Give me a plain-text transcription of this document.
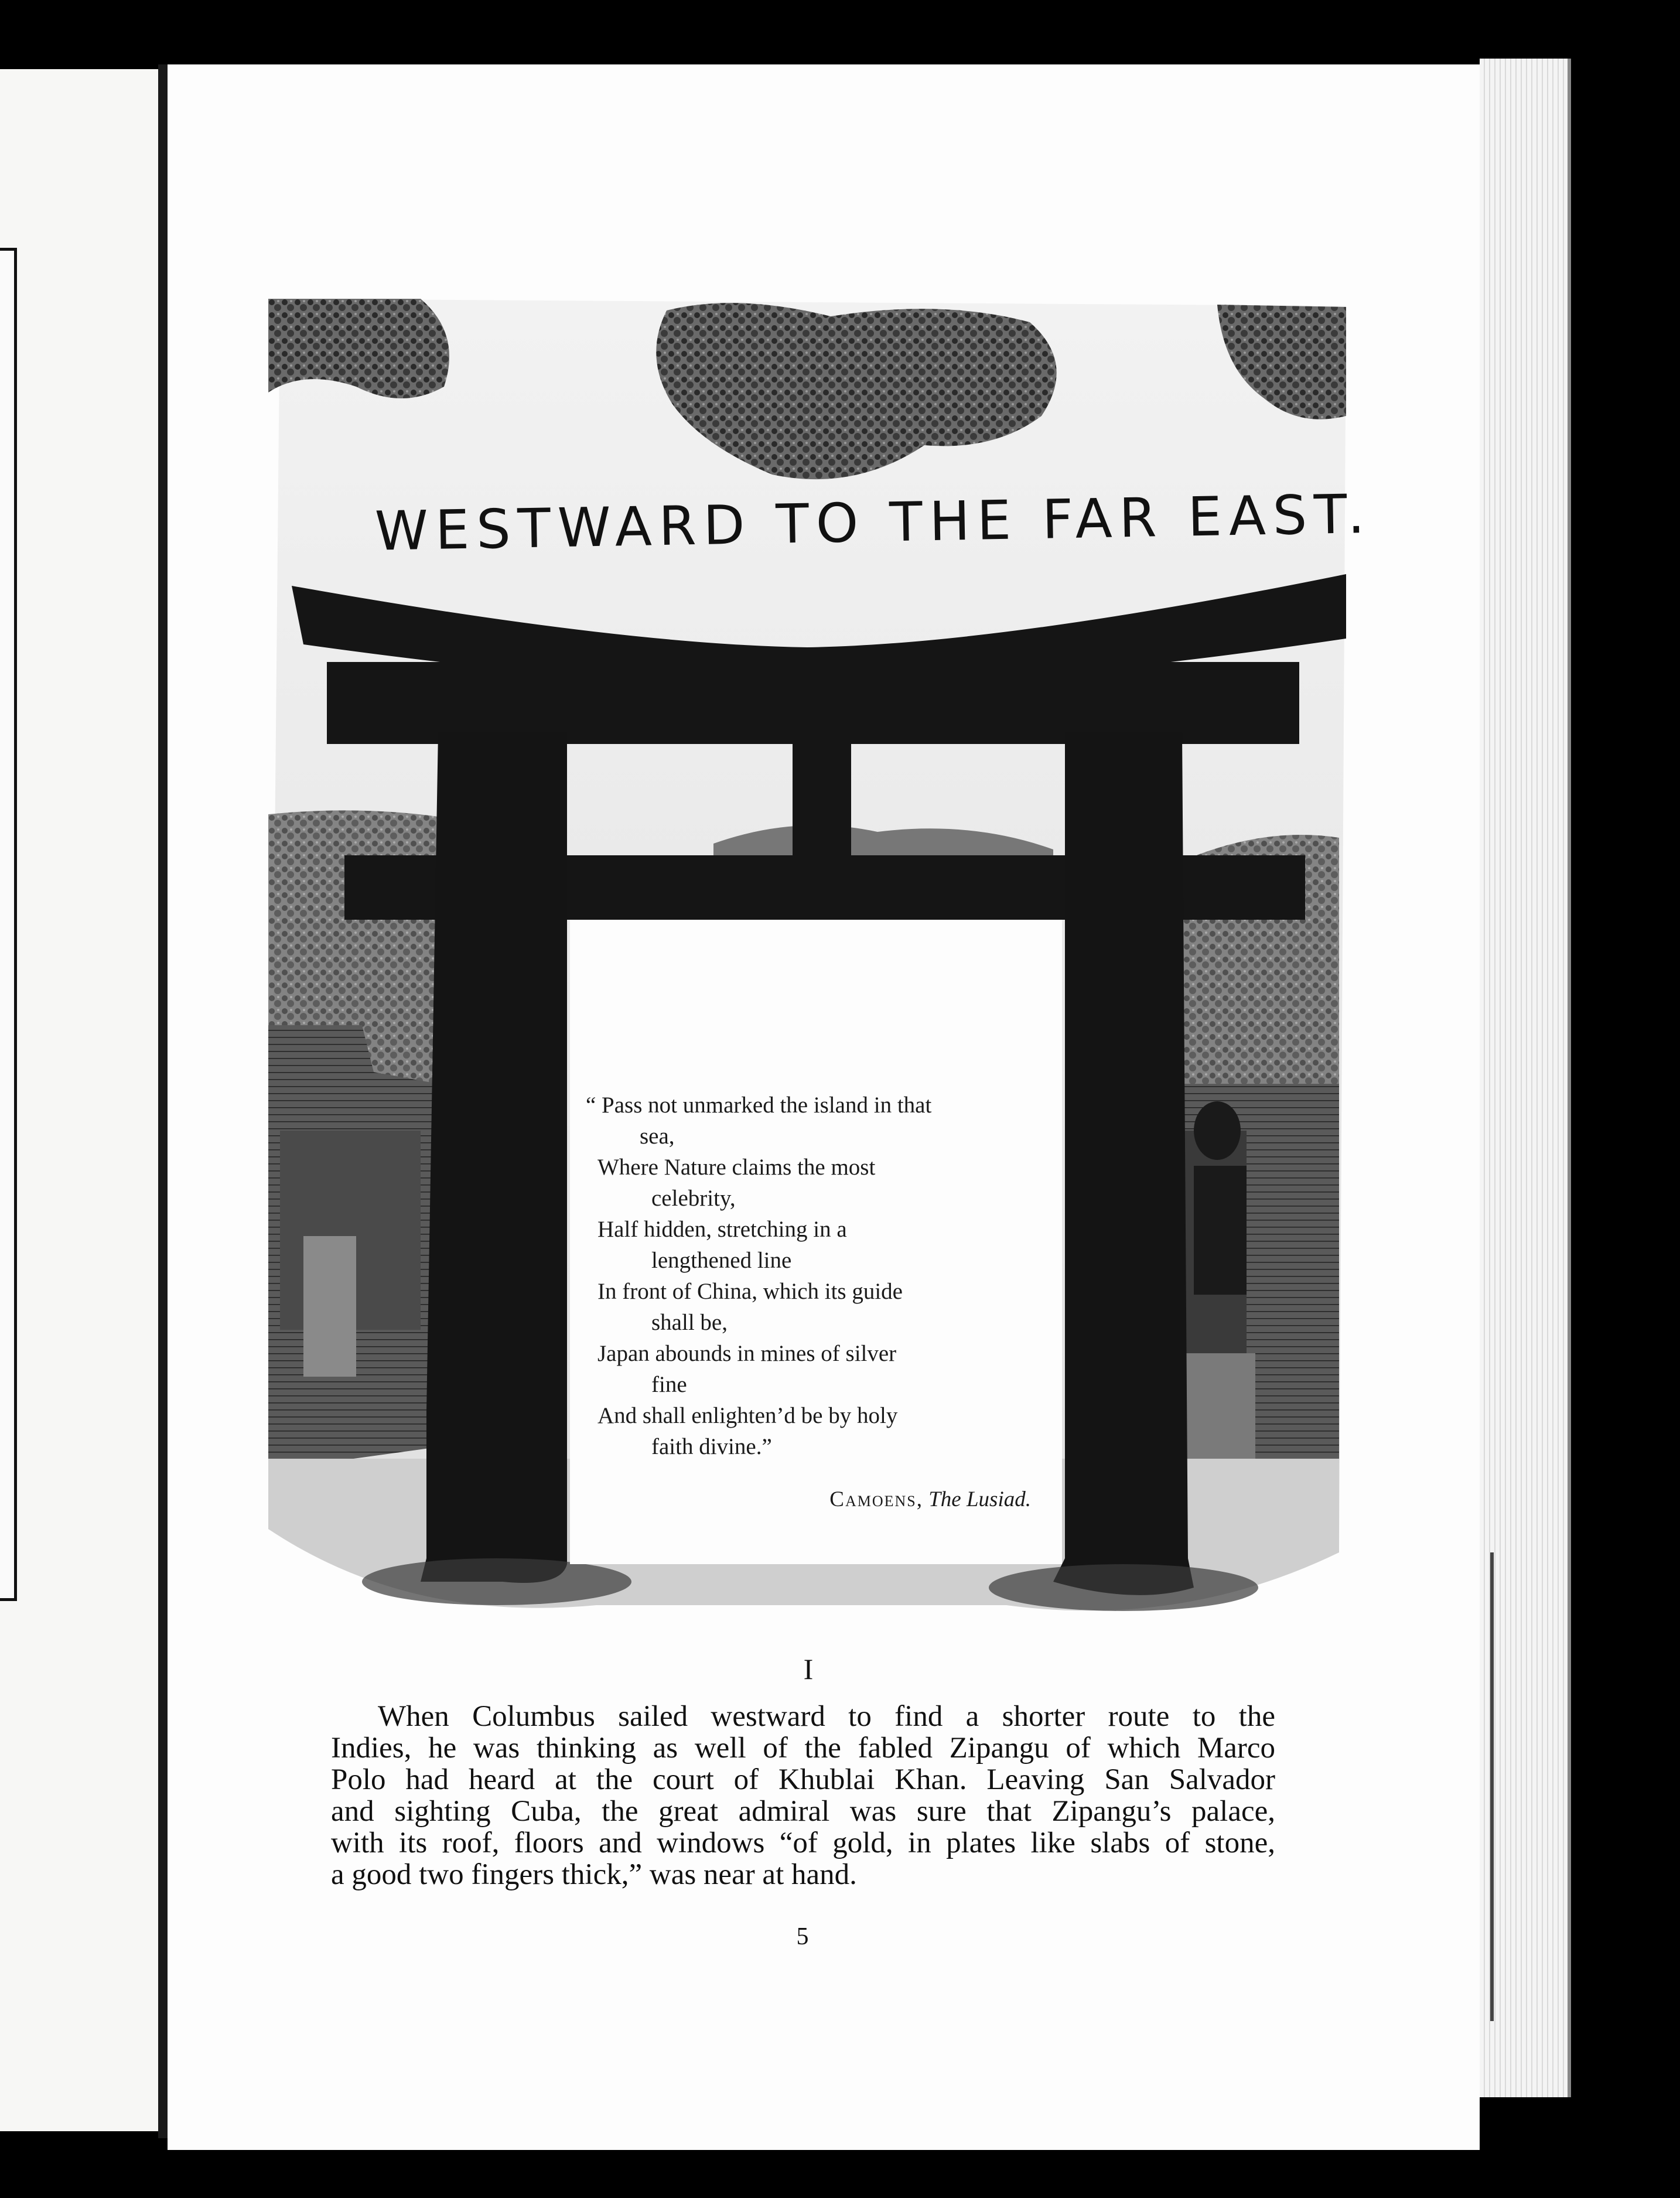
WESTWARD TO THE FAR EAST.
“ Pass not unmarked the island in that
sea,
Where Nature claims the most
celebrity,
Half hidden, stretching in a
lengthened line
In front of China, which its guide
shall be,
Japan abounds in mines of silver
fine
And shall enlighten’d be by holy
faith divine.”
Camoens, The Lusiad.
I
When Columbus sailed westward to find a shorter route to the
Indies, he was thinking as well of the fabled Zipangu of which Marco
Polo had heard at the court of Khublai Khan. Leaving San Salvador
and sighting Cuba, the great admiral was sure that Zipangu’s palace,
with its roof, floors and windows “of gold, in plates like slabs of stone,
a good two fingers thick,” was near at hand.
5
